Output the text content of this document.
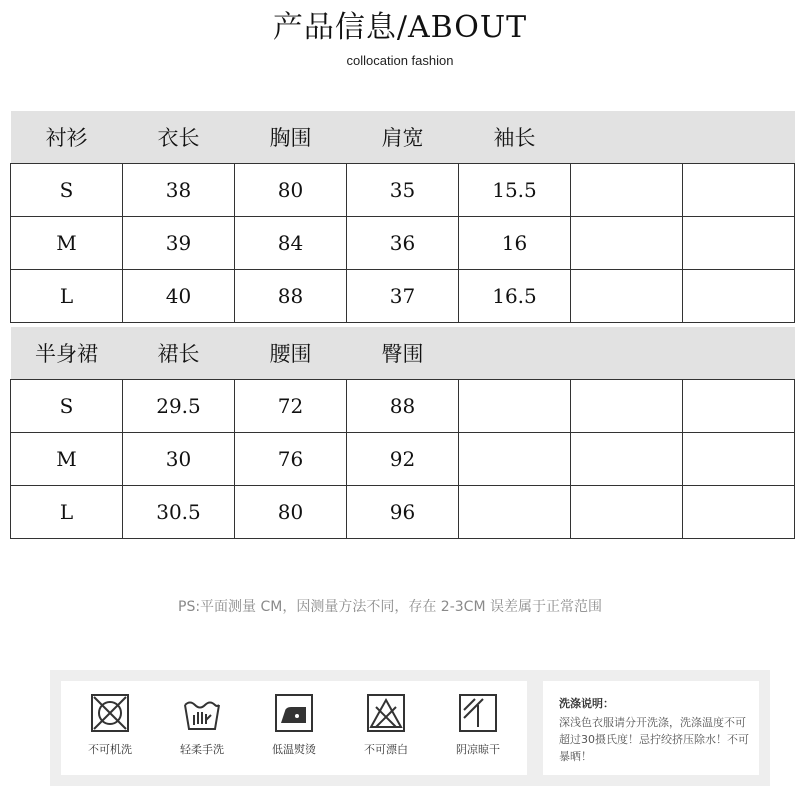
产品信息/ABOUT
collocation fashion
衬衫	衣长	胸围	肩宽	袖长		
S	38	80	35	15.5		
M	39	84	36	16		
L	40	88	37	16.5		
半身裙	裙长	腰围	臀围			
S	29.5	72	88			
M	30	76	92			
L	30.5	80	96			
PS:平面测量 CM，因测量方法不同，存在 2-3CM 误差属于正常范围
不可机洗	轻柔手洗	低温熨烫	不可漂白	阴凉晾干
洗涤说明：
深浅色衣服请分开洗涤，洗涤温度不可超过30摄氏度！忌拧绞挤压除水！不可暴晒！
